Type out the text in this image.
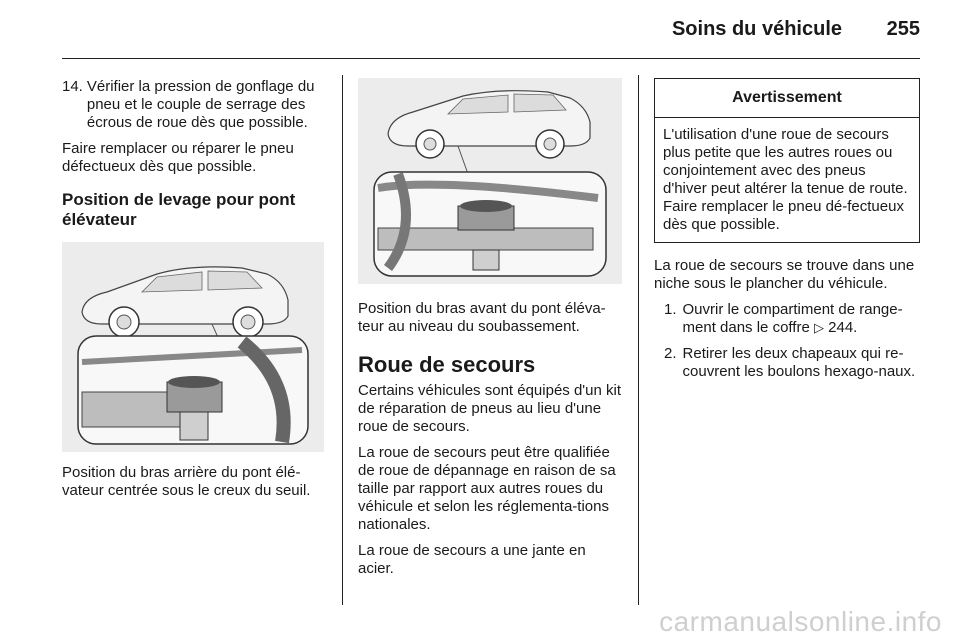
Soins du véhicule 255
14. Vérifier la pression de gonflage du pneu et le couple de serrage des écrous de roue dès que possible.

Faire remplacer ou réparer le pneu défectueux dès que possible.

Position de levage pour pont élévateur

Position du bras arrière du pont élé-vateur centrée sous le creux du seuil.

Position du bras avant du pont éléva-teur au niveau du soubassement.

Roue de secours

Certains véhicules sont équipés d'un kit de réparation de pneus au lieu d'une roue de secours.

La roue de secours peut être qualifiée de roue de dépannage en raison de sa taille par rapport aux autres roues du véhicule et selon les réglementa-tions nationales.

La roue de secours a une jante en acier.

Avertissement
L'utilisation d'une roue de secours plus petite que les autres roues ou conjointement avec des pneus d'hiver peut altérer la tenue de route. Faire remplacer le pneu dé-fectueux dès que possible.

La roue de secours se trouve dans une niche sous le plancher du véhicule.

1. Ouvrir le compartiment de range-ment dans le coffre ▷ 244.
2. Retirer les deux chapeaux qui re-couvrent les boulons hexago-naux.
carmanualsonline.info
